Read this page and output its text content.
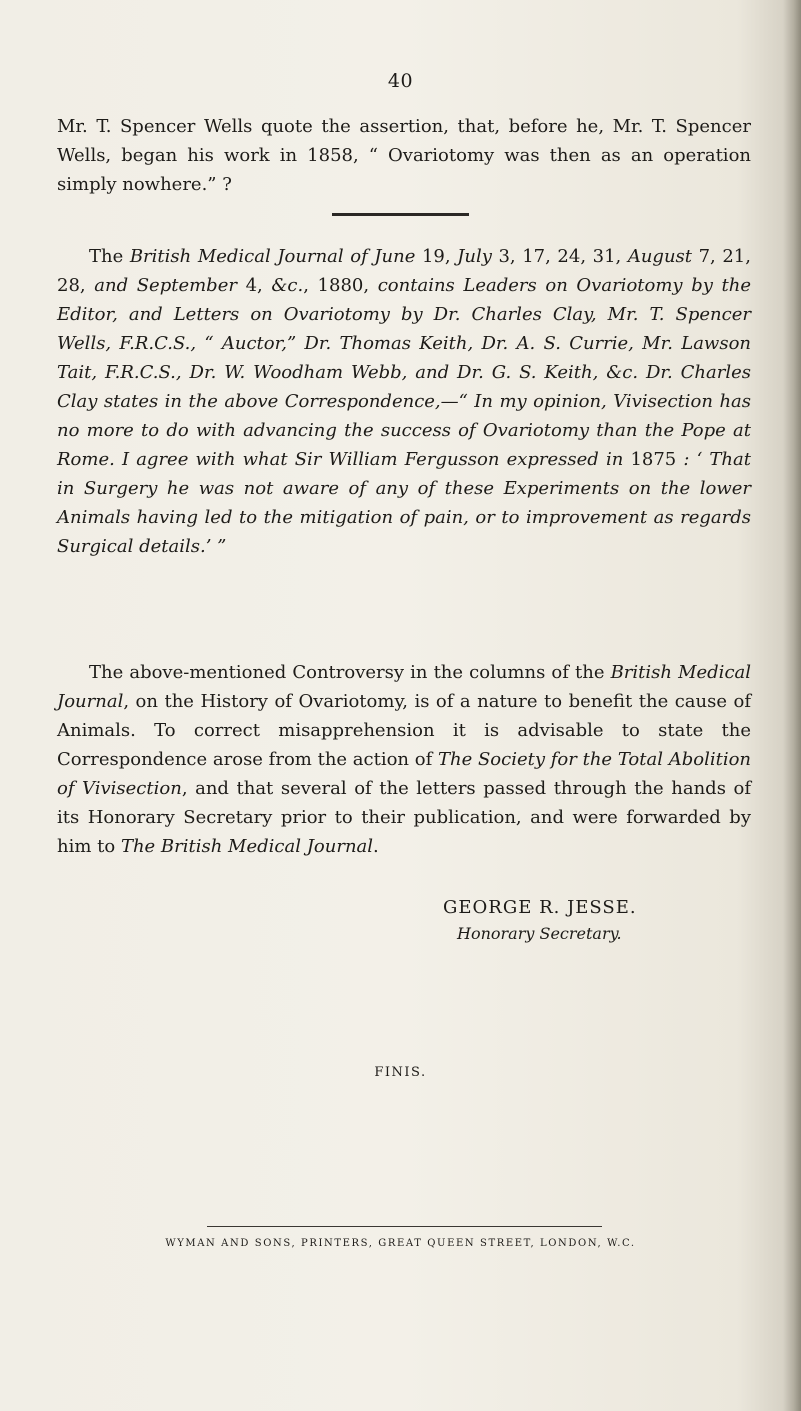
40

Mr. T. Spencer Wells quote the assertion, that, before he, Mr. T. Spencer Wells, began his work in 1858, “ Ovariotomy was then as an operation simply nowhere.” ?

The British Medical Journal of June 19, July 3, 17, 24, 31, August 7, 21, 28, and September 4, &c., 1880, contains Leaders on Ovariotomy by the Editor, and Letters on Ovariotomy by Dr. Charles Clay, Mr. T. Spencer Wells, F.R.C.S., “ Auctor,” Dr. Thomas Keith, Dr. A. S. Currie, Mr. Lawson Tait, F.R.C.S., Dr. W. Woodham Webb, and Dr. G. S. Keith, &c. Dr. Charles Clay states in the above Correspondence,—“ In my opinion, Vivisection has no more to do with advancing the success of Ovariotomy than the Pope at Rome. I agree with what Sir William Fergusson expressed in 1875 : ‘ That in Surgery he was not aware of any of these Experiments on the lower Animals having led to the mitigation of pain, or to improvement as regards Surgical details.’ ”

The above-mentioned Controversy in the columns of the British Medical Journal, on the History of Ovariotomy, is of a nature to benefit the cause of Animals. To correct misapprehension it is advisable to state the Correspondence arose from the action of The Society for the Total Abolition of Vivisection, and that several of the letters passed through the hands of its Honorary Secretary prior to their publication, and were forwarded by him to The British Medical Journal.

GEORGE R. JESSE.
Honorary Secretary.
FINIS.
WYMAN AND SONS, PRINTERS, GREAT QUEEN STREET, LONDON, W.C.
